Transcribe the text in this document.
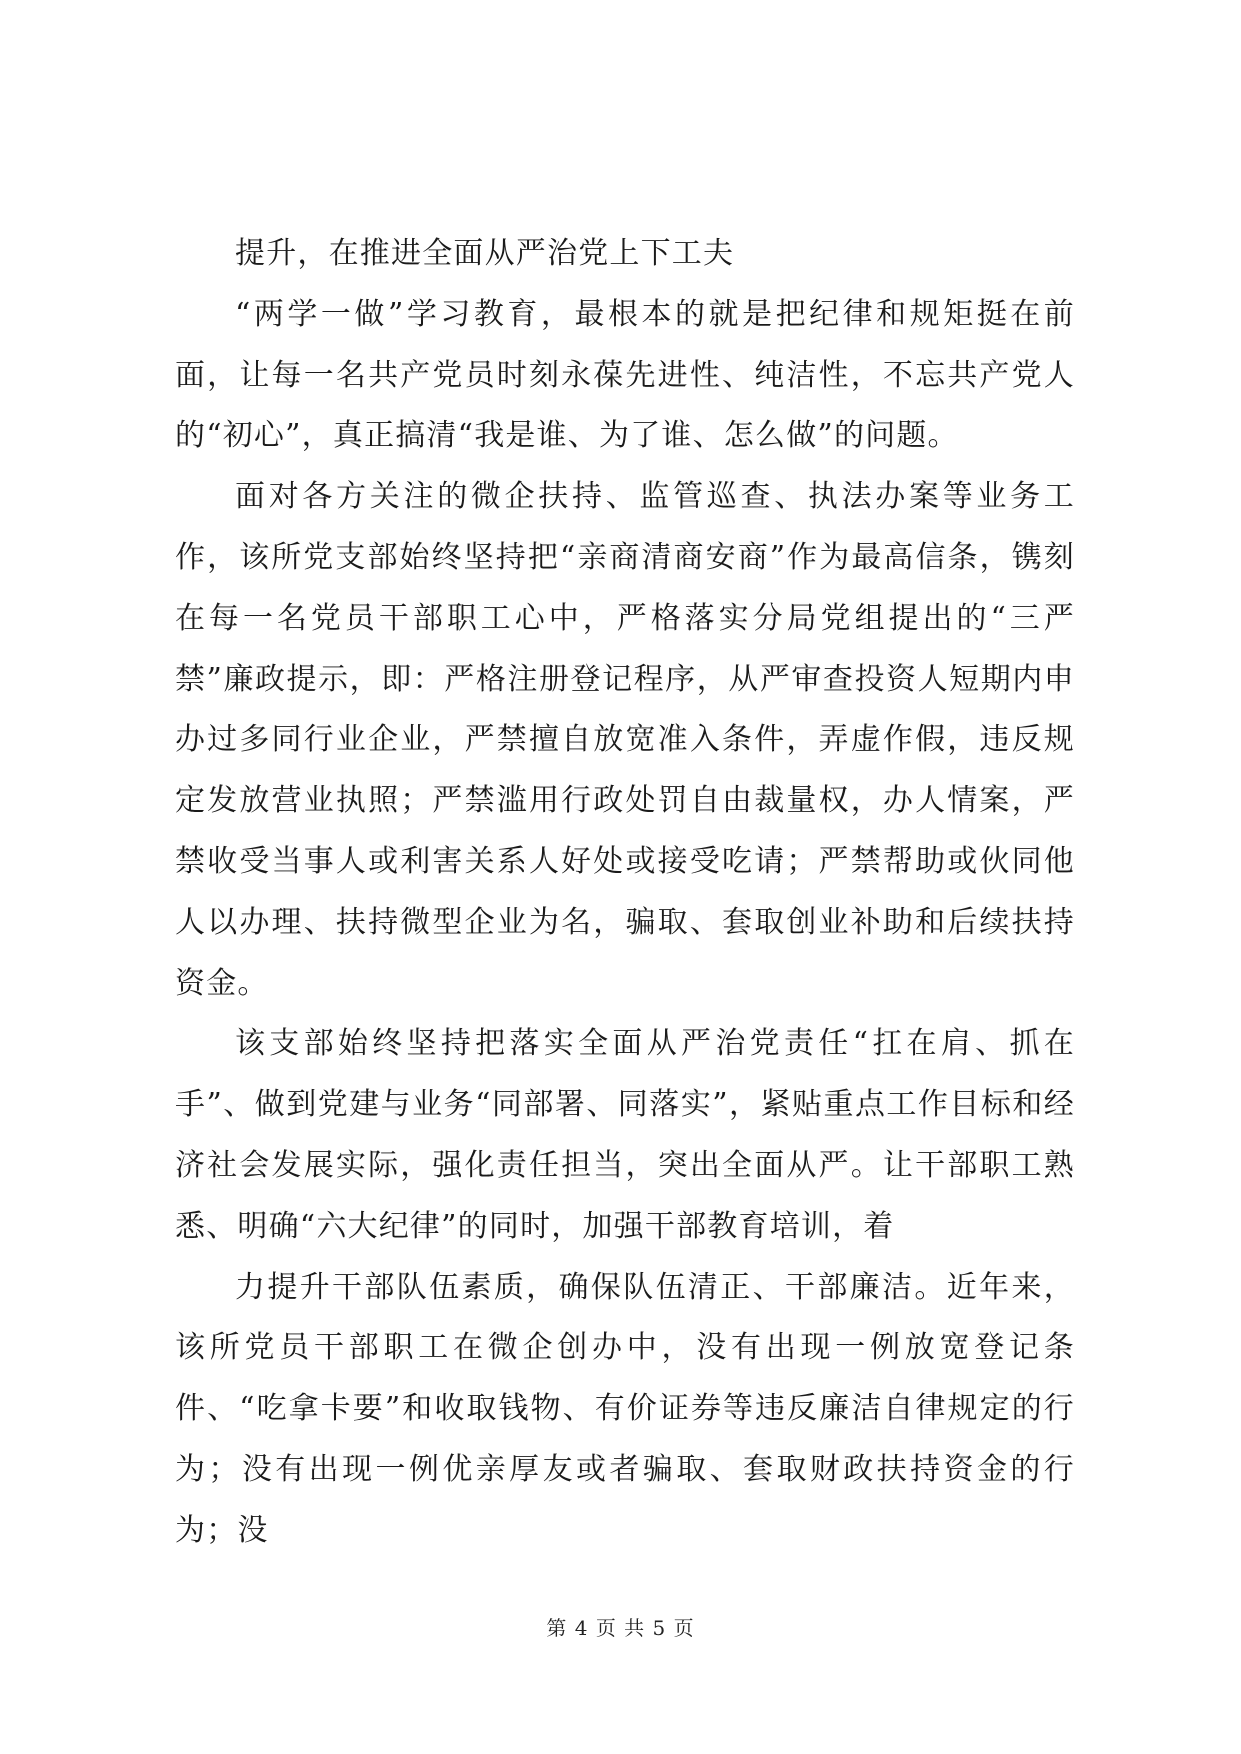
提升，在推进全面从严治党上下工夫

“两学一做”学习教育，最根本的就是把纪律和规矩挺在前面，让每一名共产党员时刻永葆先进性、纯洁性，不忘共产党人的“初心”，真正搞清“我是谁、为了谁、怎么做”的问题。

面对各方关注的微企扶持、监管巡查、执法办案等业务工作，该所党支部始终坚持把“亲商清商安商”作为最高信条，镌刻在每一名党员干部职工心中，严格落实分局党组提出的“三严禁”廉政提示，即：严格注册登记程序，从严审查投资人短期内申办过多同行业企业，严禁擅自放宽准入条件，弄虚作假，违反规定发放营业执照；严禁滥用行政处罚自由裁量权，办人情案，严禁收受当事人或利害关系人好处或接受吃请；严禁帮助或伙同他人以办理、扶持微型企业为名，骗取、套取创业补助和后续扶持资金。

该支部始终坚持把落实全面从严治党责任“扛在肩、抓在手”、做到党建与业务“同部署、同落实”，紧贴重点工作目标和经济社会发展实际，强化责任担当，突出全面从严。让干部职工熟悉、明确“六大纪律”的同时，加强干部教育培训，着

力提升干部队伍素质，确保队伍清正、干部廉洁。近年来，该所党员干部职工在微企创办中，没有出现一例放宽登记条件、“吃拿卡要”和收取钱物、有价证券等违反廉洁自律规定的行为；没有出现一例优亲厚友或者骗取、套取财政扶持资金的行为；没

第 4 页 共 5 页
